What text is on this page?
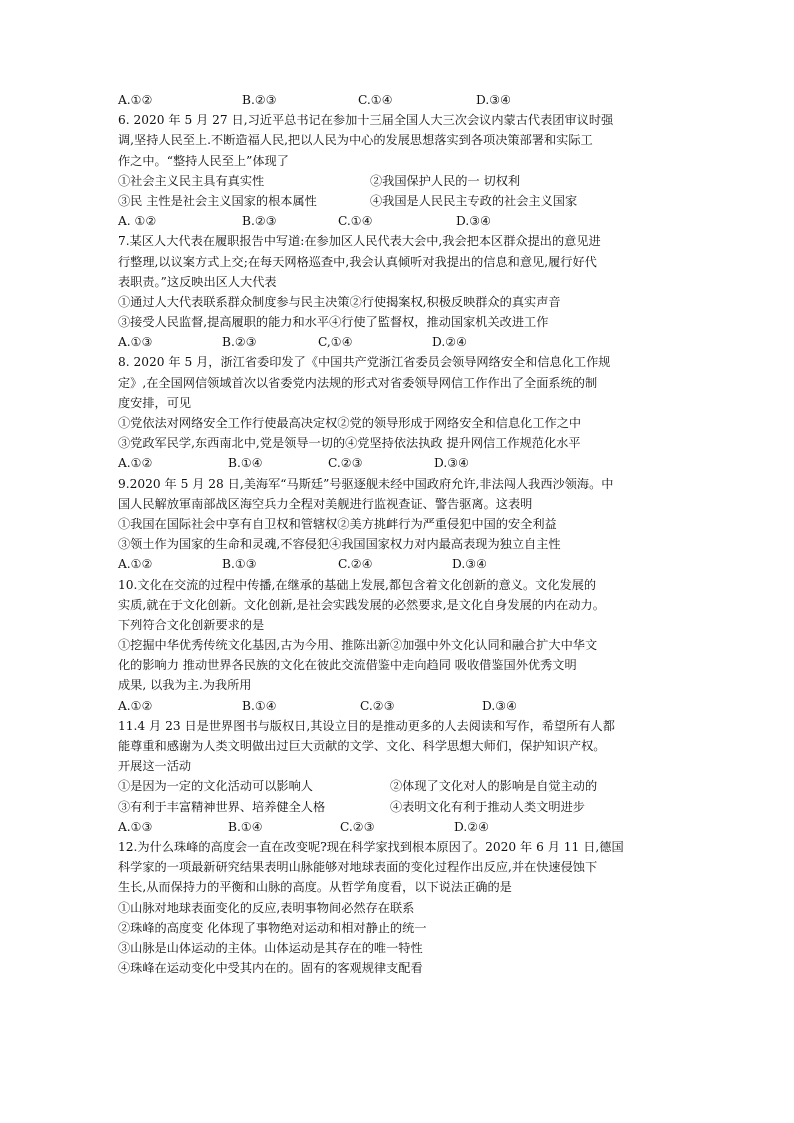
A.①②	B.②③	C.①④	D.③④
6. 2020 年 5 月 27 日,习近平总书记在参加十三届全国人大三次会议内蒙古代表团审议时强
调,坚持人民至上.不断造福人民,把以人民为中心的发展思想落实到各项决策部署和实际工
作之中。“整持人民至上”体现了
①社会主义民主具有真实性	②我国保护人民的一 切权利
③民 主性是社会主义国家的根本属性	④我国是人民民主专政的社会主义国家
A. ①②	B.②③	C.①④	D.③④
7.某区人大代表在履职报告中写道:在参加区人民代表大会中,我会把本区群众提出的意见进
行整理,以议案方式上交;在每天网格巡查中,我会认真倾听对我提出的信息和意见,履行好代
表职责。”这反映出区人大代表
①通过人大代表联系群众制度参与民主决策 ②行使揭案权,积极反映群众的真实声音
③接受人民监督,提高履职的能力和水平 ④行使了監督权，推动国家机关改进工作
A.①③	B.②③	C,①④	D.②④
8. 2020 年 5 月，浙江省委印发了《中国共产党浙江省委员会领导网络安全和信息化工作规
定》,在全国网信领域首次以省委党内法规的形式对省委领导网信工作作出了全面系统的制
度安排，可见
①党依法对网络安全工作行使最高决定权 ②党的领导形成于网络安全和信息化工作之中
③党政军民学,东西南北中,党是领导一切的 ④党坚持依法执政 提升网信工作规范化水平
A.①②	B.①④	C.②③	D.③④
9.2020 年 5 月 28 日,美海军“马斯廷”号驱逐舰未经中国政府允许,非法闯人我西沙领海。中
国人民解放軍南部战区海空兵力全程对美舰进行监视查证、警告驱离。这表明
①我国在国际社会中享有自卫权和管辖权 ②美方挑衅行为严重侵犯中国的安全利益
③领土作为国家的生命和灵魂,不容侵犯 ④我国国家权力对内最高表现为独立自主性
A.①②	B.①③	C.②④	D.③④
10.文化在交流的过程中传播,在继承的基础上发展,都包含着文化创新的意义。文化发展的
实质,就在于文化创新。文化创新,是社会实践发展的必然要求,是文化自身发展的内在动力。
下列符合文化创新要求的是
①挖掘中华优秀传统文化基因,古为今用、推陈出新②加强中外文化认同和融合扩大中华文
化的影响力 推动世界各民族的文化在彼此交流借鉴中走向趋同 吸收借鉴国外优秀文明
成果, 以我为主.为我所用
A.①②	B.①④	C.②③	D.③④
11.4 月 23 日是世界图书与版权日,其设立目的是推动更多的人去阅读和写作，希望所有人都
能尊重和感谢为人类文明做出过巨大贡献的文学、文化、科学思想大师们，保护知识产权。
开展这一活动
①是因为一定的文化活动可以影响人	②体现了文化对人的影响是自觉主动的
③有利于丰富精神世界、培养健全人格	④表明文化有利于推动人类文明进步
A.①③	B.①④	C.②③	D.②④
12.为什么珠峰的高度会一直在改变呢?现在科学家找到根本原因了。2020 年 6 月 11 日,德国
科学家的一项最新研究结果表明山脉能够对地球表面的变化过程作出反应,并在快速侵蚀下
生长,从而保持力的平衡和山脉的高度。从哲学角度看，以下说法正确的是
①山脉对地球表面变化的反应,表明事物间必然存在联系
②珠峰的高度变 化体现了事物绝对运动和相对静止的统一
③山脉是山体运动的主体。山体运动是其存在的唯一特性
④珠峰在运动变化中受其内在的。固有的客观规律支配看
